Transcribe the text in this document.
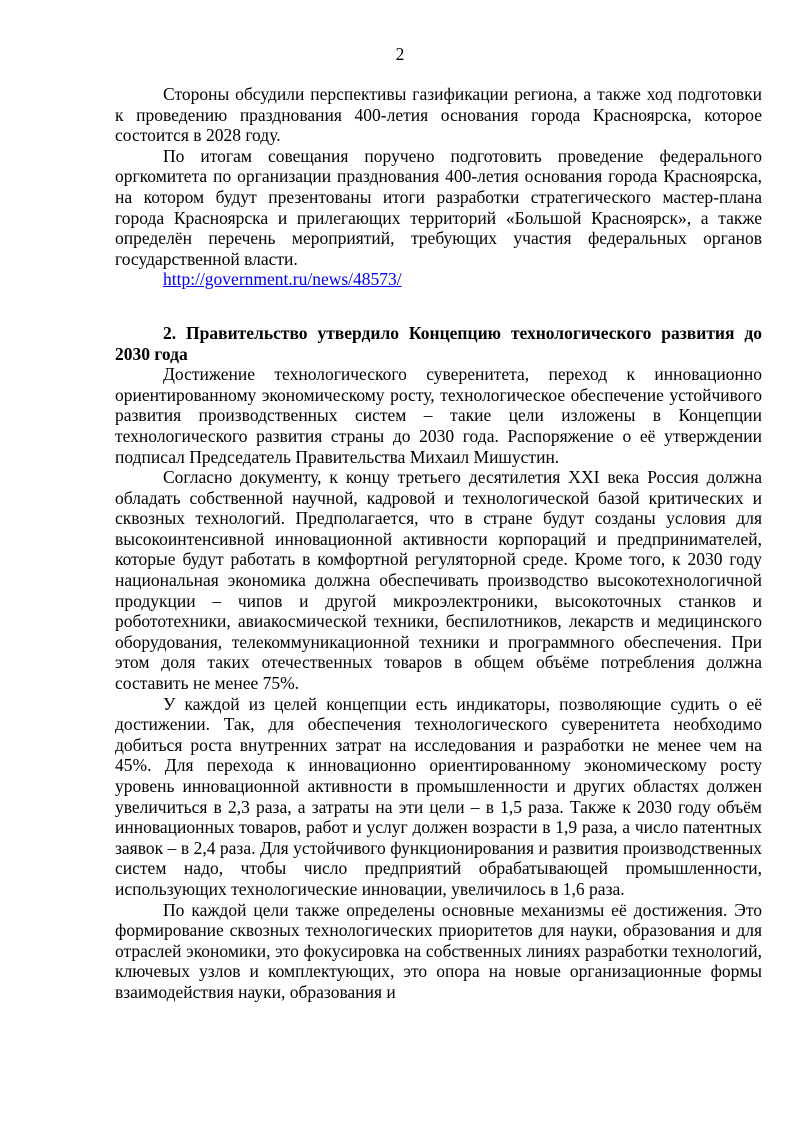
2

Стороны обсудили перспективы газификации региона, а также ход подготовки к проведению празднования 400-летия основания города Красноярска, которое состоится в 2028 году.

По итогам совещания поручено подготовить проведение федерального оргкомитета по организации празднования 400-летия основания города Красноярска, на котором будут презентованы итоги разработки стратегического мастер-плана города Красноярска и прилегающих территорий «Большой Красноярск», а также определён перечень мероприятий, требующих участия федеральных органов государственной власти.

http://government.ru/news/48573/
2. Правительство утвердило Концепцию технологического развития до 2030 года

Достижение технологического суверенитета, переход к инновационно ориентированному экономическому росту, технологическое обеспечение устойчивого развития производственных систем – такие цели изложены в Концепции технологического развития страны до 2030 года. Распоряжение о её утверждении подписал Председатель Правительства Михаил Мишустин.

Согласно документу, к концу третьего десятилетия XXI века Россия должна обладать собственной научной, кадровой и технологической базой критических и сквозных технологий. Предполагается, что в стране будут созданы условия для высокоинтенсивной инновационной активности корпораций и предпринимателей, которые будут работать в комфортной регуляторной среде. Кроме того, к 2030 году национальная экономика должна обеспечивать производство высокотехнологичной продукции – чипов и другой микроэлектроники, высокоточных станков и робототехники, авиакосмической техники, беспилотников, лекарств и медицинского оборудования, телекоммуникационной техники и программного обеспечения. При этом доля таких отечественных товаров в общем объёме потребления должна составить не менее 75%.

У каждой из целей концепции есть индикаторы, позволяющие судить о её достижении. Так, для обеспечения технологического суверенитета необходимо добиться роста внутренних затрат на исследования и разработки не менее чем на 45%. Для перехода к инновационно ориентированному экономическому росту уровень инновационной активности в промышленности и других областях должен увеличиться в 2,3 раза, а затраты на эти цели – в 1,5 раза. Также к 2030 году объём инновационных товаров, работ и услуг должен возрасти в 1,9 раза, а число патентных заявок – в 2,4 раза. Для устойчивого функционирования и развития производственных систем надо, чтобы число предприятий обрабатывающей промышленности, использующих технологические инновации, увеличилось в 1,6 раза.

По каждой цели также определены основные механизмы её достижения. Это формирование сквозных технологических приоритетов для науки, образования и для отраслей экономики, это фокусировка на собственных линиях разработки технологий, ключевых узлов и комплектующих, это опора на новые организационные формы взаимодействия науки, образования и
